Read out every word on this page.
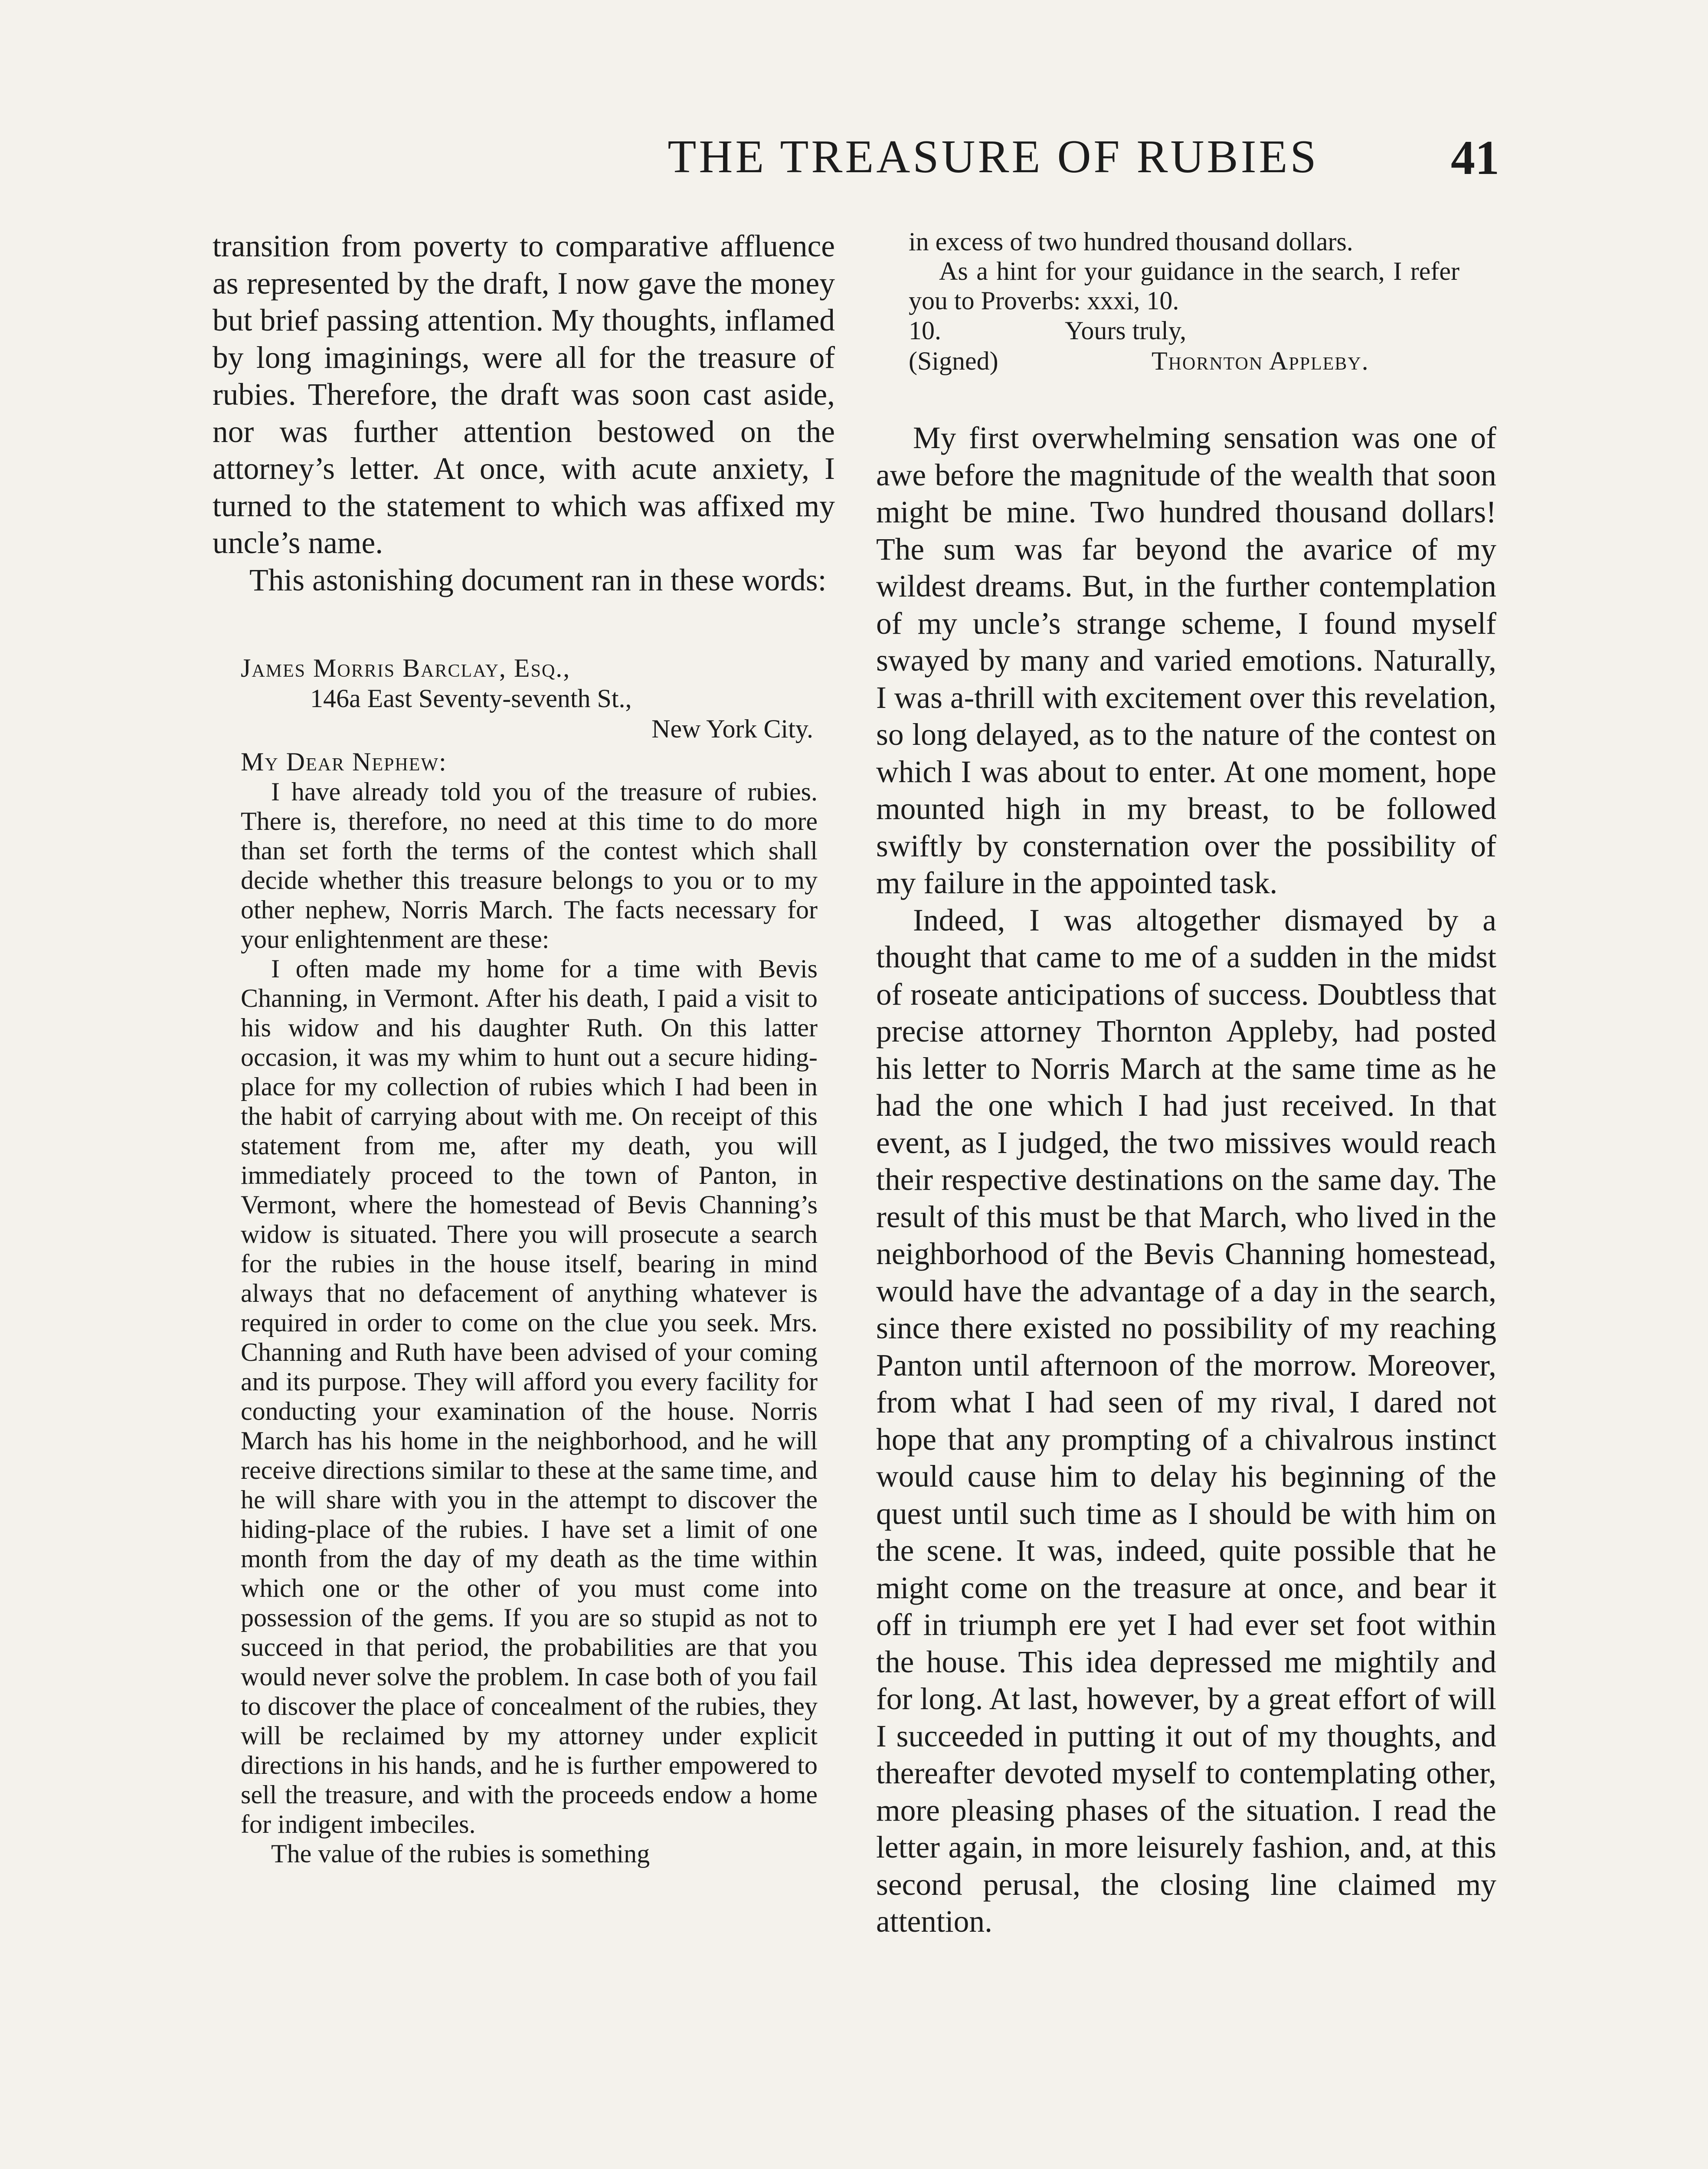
THE TREASURE OF RUBIES	41

transition from poverty to comparative affluence as represented by the draft, I now gave the money but brief passing attention. My thoughts, inflamed by long imaginings, were all for the treasure of rubies. Therefore, the draft was soon cast aside, nor was further attention bestowed on the attorney’s letter. At once, with acute anxiety, I turned to the statement to which was affixed my uncle’s name.

This astonishing document ran in these words:

James Morris Barclay, Esq.,

146a East Seventy-seventh St.,

New York City.

My Dear Nephew:

I have already told you of the treasure of rubies. There is, therefore, no need at this time to do more than set forth the terms of the contest which shall decide whether this treasure belongs to you or to my other nephew, Norris March. The facts necessary for your enlightenment are these:

I often made my home for a time with Bevis Channing, in Vermont. After his death, I paid a visit to his widow and his daughter Ruth. On this latter occasion, it was my whim to hunt out a secure hiding-place for my collection of rubies which I had been in the habit of carrying about with me. On receipt of this statement from me, after my death, you will immediately proceed to the town of Panton, in Vermont, where the homestead of Bevis Channing’s widow is situated. There you will prosecute a search for the rubies in the house itself, bearing in mind always that no defacement of anything whatever is required in order to come on the clue you seek. Mrs. Channing and Ruth have been advised of your coming and its purpose. They will afford you every facility for conducting your examination of the house. Norris March has his home in the neighborhood, and he will receive directions similar to these at the same time, and he will share with you in the attempt to discover the hiding-place of the rubies. I have set a limit of one month from the day of my death as the time within which one or the other of you must come into possession of the gems. If you are so stupid as not to succeed in that period, the probabilities are that you would never solve the problem. In case both of you fail to discover the place of concealment of the rubies, they will be reclaimed by my attorney under explicit directions in his hands, and he is further empowered to sell the treasure, and with the proceeds endow a home for indigent imbeciles.

The value of the rubies is something

in excess of two hundred thousand dollars.

As a hint for your guidance in the search, I refer you to Proverbs: xxxi, 10.

10.	Yours truly,
(Signed)	Thornton Appleby.

My first overwhelming sensation was one of awe before the magnitude of the wealth that soon might be mine. Two hundred thousand dollars! The sum was far beyond the avarice of my wildest dreams. But, in the further contemplation of my uncle’s strange scheme, I found myself swayed by many and varied emotions. Naturally, I was a-thrill with excitement over this revelation, so long delayed, as to the nature of the contest on which I was about to enter. At one moment, hope mounted high in my breast, to be followed swiftly by consternation over the possibility of my failure in the appointed task.

Indeed, I was altogether dismayed by a thought that came to me of a sudden in the midst of roseate anticipations of success. Doubtless that precise attorney Thornton Appleby, had posted his letter to Norris March at the same time as he had the one which I had just received. In that event, as I judged, the two missives would reach their respective destinations on the same day. The result of this must be that March, who lived in the neighborhood of the Bevis Channing homestead, would have the advantage of a day in the search, since there existed no possibility of my reaching Panton until afternoon of the morrow. Moreover, from what I had seen of my rival, I dared not hope that any prompting of a chivalrous instinct would cause him to delay his beginning of the quest until such time as I should be with him on the scene. It was, indeed, quite possible that he might come on the treasure at once, and bear it off in triumph ere yet I had ever set foot within the house. This idea depressed me mightily and for long. At last, however, by a great effort of will I succeeded in putting it out of my thoughts, and thereafter devoted myself to contemplating other, more pleasing phases of the situation. I read the letter again, in more leisurely fashion, and, at this second perusal, the closing line claimed my attention.
